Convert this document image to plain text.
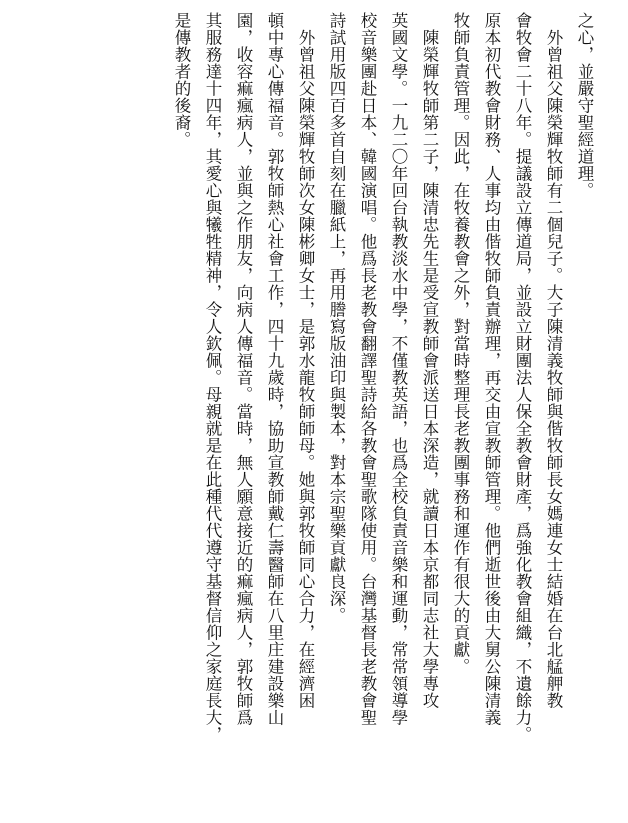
之心，並嚴守聖經道理。
　外曾祖父陳榮輝牧師有二個兒子。大子陳清義牧師與偕牧師長女媽連女士結婚在台北艋舺教
會牧會二十八年。提議設立傳道局，並設立財團法人保全教會財產，爲強化教會組織，不遺餘力。
原本初代教會財務、人事均由偕牧師負責辦理，再交由宣教師管理。他們逝世後由大舅公陳清義
牧師負責管理。因此，在牧養教會之外，對當時整理長老教團事務和運作有很大的貢獻。
　陳榮輝牧師第二子，陳清忠先生是受宣教師會派送日本深造，就讀日本京都同志社大學專攻
英國文學。一九二〇年回台執教淡水中學，不僅教英語，也爲全校負責音樂和運動，常常領導學
校音樂團赴日本、韓國演唱。他爲長老教會翻譯聖詩給各教會聖歌隊使用。台灣基督長老教會聖
詩試用版四百多首自刻在臘紙上，再用謄寫版油印與製本，對本宗聖樂貢獻良深。
　外曾祖父陳榮輝牧師次女陳彬卿女士，是郭水龍牧師師母。她與郭牧師同心合力，在經濟困
頓中專心傳福音。郭牧師熱心社會工作，四十九歲時，協助宣教師戴仁壽醫師在八里庄建設樂山
園，收容痲瘋病人，並與之作朋友，向病人傳福音。當時，無人願意接近的痲瘋病人，郭牧師爲
其服務達十四年，其愛心與犧牲精神，令人欽佩。母親就是在此種代代遵守基督信仰之家庭長大，
是傳教者的後裔。
